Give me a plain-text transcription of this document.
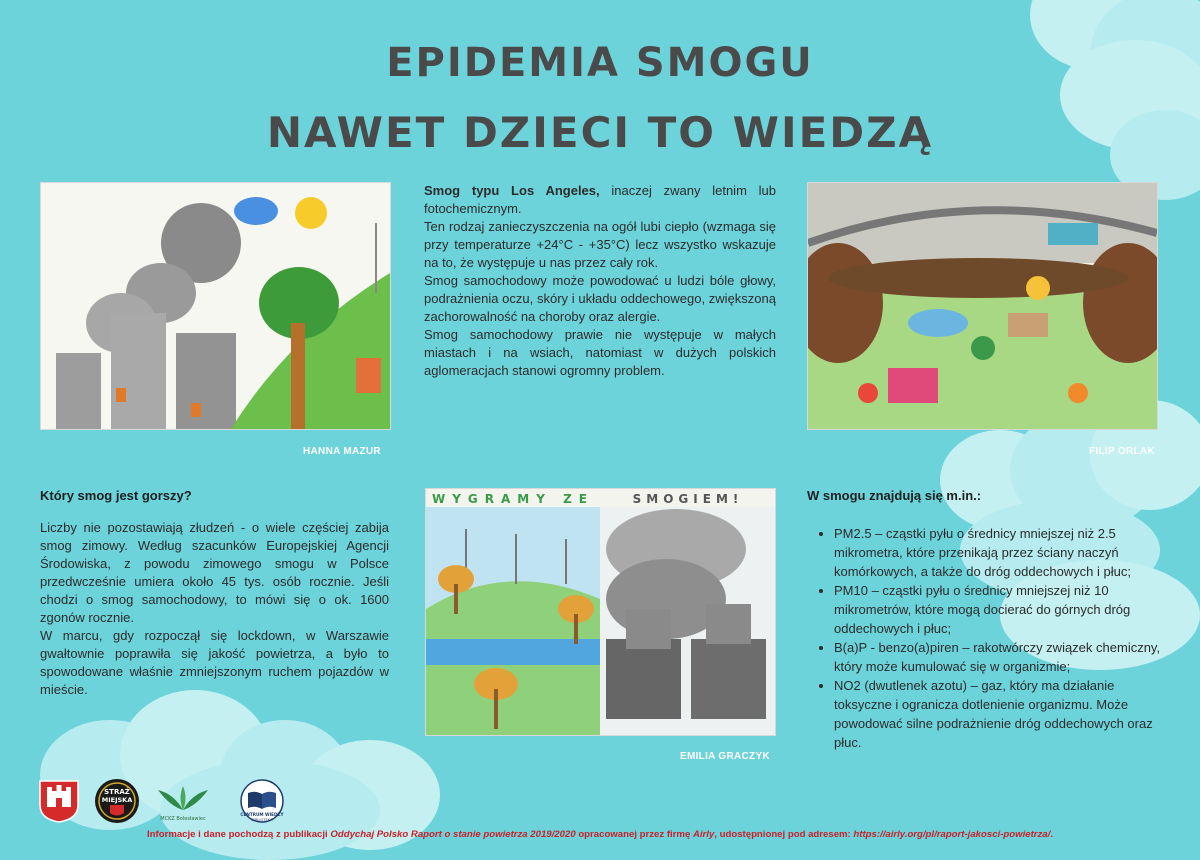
EPIDEMIA SMOGU
NAWET DZIECI TO WIEDZĄ
HANNA MAZUR

Smog typu Los Angeles, inaczej zwany letnim lub fotochemicznym.

Ten rodzaj zanieczyszczenia na ogół lubi ciepło (wzmaga się przy temperaturze +24°C - +35°C) lecz wszystko wskazuje na to, że występuje u nas przez cały rok.

Smog samochodowy może powodować u ludzi bóle głowy, podrażnienia oczu, skóry i układu oddechowego, zwiększoną zachorowalność na choroby oraz alergie.

Smog samochodowy prawie nie występuje w małych miastach i na wsiach, natomiast w dużych polskich aglomeracjach stanowi ogromny problem.

FILIP ORLAK
Który smog jest gorszy?

Liczby nie pozostawiają złudzeń - o wiele częściej zabija smog zimowy. Według szacunków Europejskiej Agencji Środowiska, z powodu zimowego smogu w Polsce przedwcześnie umiera około 45 tys. osób rocznie. Jeśli chodzi o smog samochodowy, to mówi się o ok. 1600 zgonów rocznie.

W marcu, gdy rozpoczął się lockdown, w Warszawie gwałtownie poprawiła się jakość powietrza, a było to spowodowane właśnie zmniejszonym ruchem pojazdów w mieście.

WYGRAMY ZE	SMOGIEM!
EMILIA GRACZYK
W smogu znajdują się m.in.:
• PM2.5 – cząstki pyłu o średnicy mniejszej niż 2.5 mikrometra, które przenikają przez ściany naczyń komórkowych, a także do dróg oddechowych i płuc;
• PM10 – cząstki pyłu o średnicy mniejszej niż 10 mikrometrów, które mogą docierać do górnych dróg oddechowych i płuc;
• B(a)P - benzo(a)piren – rakotwórczy związek chemiczny, który może kumulować się w organizmie;
• NO2 (dwutlenek azotu) – gaz, który ma działanie toksyczne i ogranicza dotlenienie organizmu. Może powodować silne podrażnienie dróg oddechowych oraz płuc.
STRAŻ
MIEJSKA
MCKZ Bolesławiec
CENTRUM WIEDZY
BIBLIOTEKA
Informacje i dane pochodzą z publikacji Oddychaj Polsko Raport o stanie powietrza 2019/2020 opracowanej przez firmę Airly, udostępnionej pod adresem: https://airly.org/pl/raport-jakosci-powietrza/.
